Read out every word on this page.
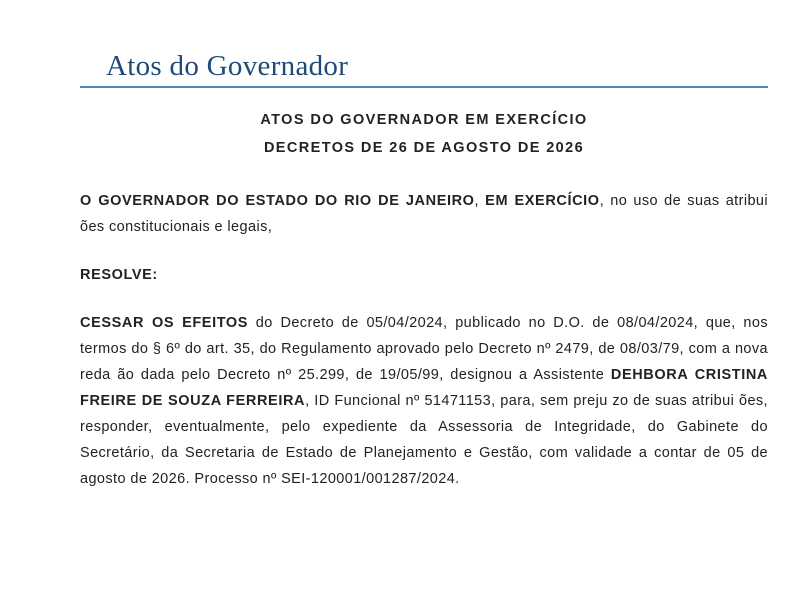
Atos do Governador
ATOS DO GOVERNADOR EM EXERCÍCIO
DECRETOS DE 26 DE AGOSTO DE 2026
O GOVERNADOR DO ESTADO DO RIO DE JANEIRO, EM EXERCÍCIO, no uso de suas atribui ões constitucionais e legais,
RESOLVE:
CESSAR OS EFEITOS do Decreto de 05/04/2024, publicado no D.O. de 08/04/2024, que, nos termos do § 6º do art. 35, do Regulamento aprovado pelo Decreto nº 2479, de 08/03/79, com a nova reda ão dada pelo Decreto nº 25.299, de 19/05/99, designou a Assistente DEHBORA CRISTINA FREIRE DE SOUZA FERREIRA, ID Funcional nº 51471153, para, sem preju zo de suas atribui ões, responder, eventualmente, pelo expediente da Assessoria de Integridade, do Gabinete do Secretário, da Secretaria de Estado de Planejamento e Gestão, com validade a contar de 05 de agosto de 2026. Processo nº SEI-120001/001287/2024.
